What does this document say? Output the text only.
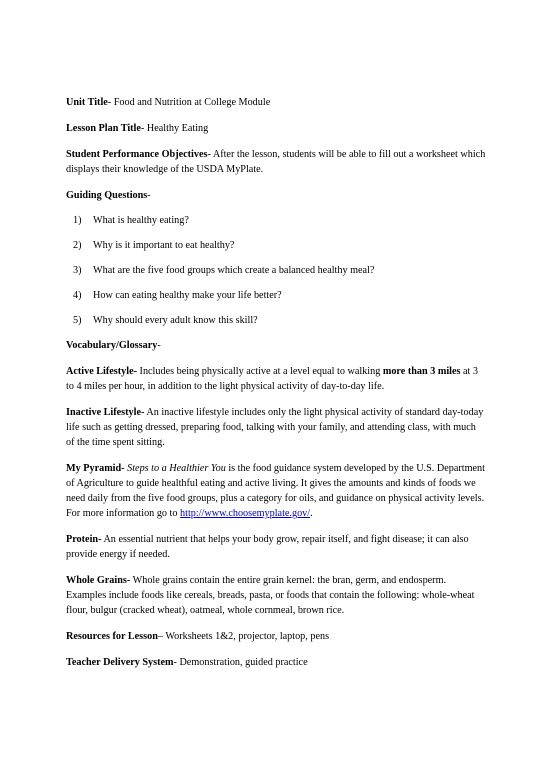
Unit Title- Food and Nutrition at College Module

Lesson Plan Title- Healthy Eating

Student Performance Objectives- After the lesson, students will be able to fill out a worksheet which displays their knowledge of the USDA MyPlate.

Guiding Questions-

1)	What is healthy eating?
2)	Why is it important to eat healthy?
3)	What are the five food groups which create a balanced healthy meal?
4)	How can eating healthy make your life better?
5)	Why should every adult know this skill?

Vocabulary/Glossary-

Active Lifestyle- Includes being physically active at a level equal to walking more than 3 miles at 3 to 4 miles per hour, in addition to the light physical activity of day-to-day life.

Inactive Lifestyle- An inactive lifestyle includes only the light physical activity of standard day-today life such as getting dressed, preparing food, talking with your family, and attending class, with much of the time spent sitting.

My Pyramid- Steps to a Healthier You is the food guidance system developed by the U.S. Department of Agriculture to guide healthful eating and active living. It gives the amounts and kinds of foods we need daily from the five food groups, plus a category for oils, and guidance on physical activity levels. For more information go to http://www.choosemyplate.gov/.

Protein- An essential nutrient that helps your body grow, repair itself, and fight disease; it can also provide energy if needed.

Whole Grains- Whole grains contain the entire grain kernel: the bran, germ, and endosperm. Examples include foods like cereals, breads, pasta, or foods that contain the following: whole-wheat flour, bulgur (cracked wheat), oatmeal, whole cornmeal, brown rice.

Resources for Lesson– Worksheets 1&2, projector, laptop, pens

Teacher Delivery System- Demonstration, guided practice
